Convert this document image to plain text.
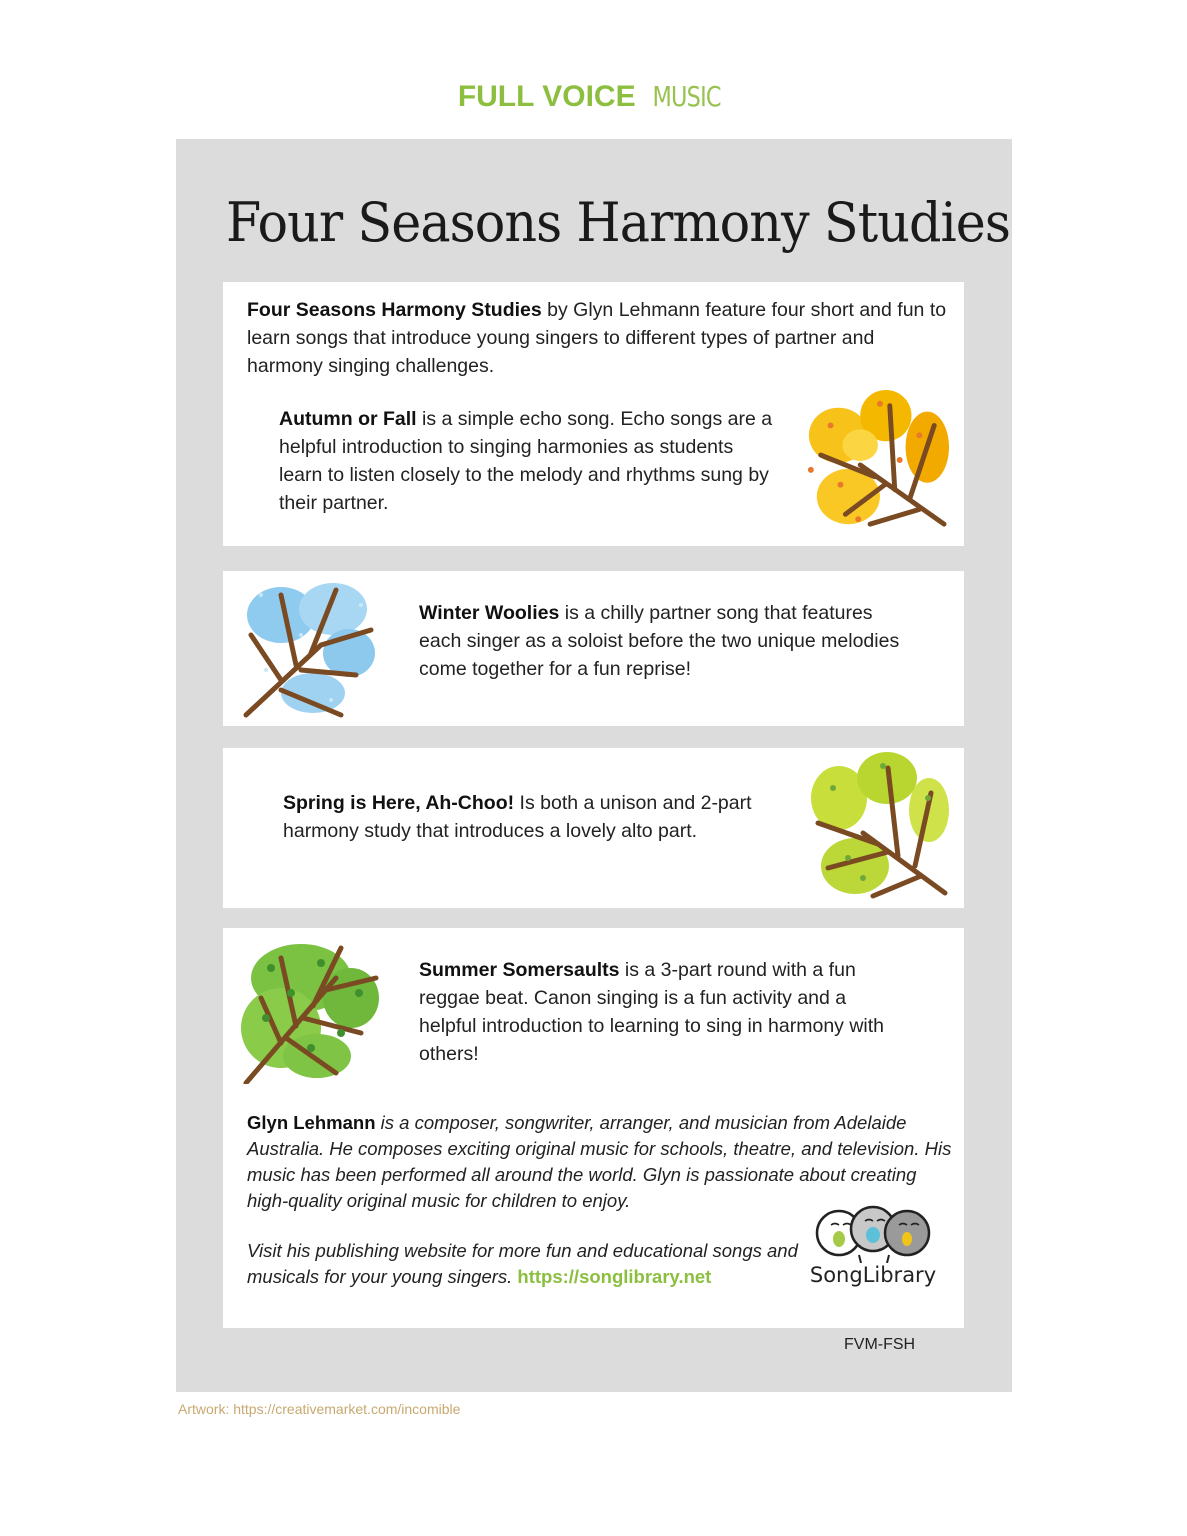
FULL VOICE MUSIC
Four Seasons Harmony Studies
Four Seasons Harmony Studies by Glyn Lehmann feature four short and fun to learn songs that introduce young singers to different types of partner and harmony singing challenges.
Autumn or Fall is a simple echo song. Echo songs are a helpful introduction to singing harmonies as students learn to listen closely to the melody and rhythms sung by their partner.
Winter Woolies is a chilly partner song that features each singer as a soloist before the two unique melodies come together for a fun reprise!
Spring is Here, Ah-Choo! Is both a unison and 2-part harmony study that introduces a lovely alto part.
Summer Somersaults is a 3-part round with a fun reggae beat. Canon singing is a fun activity and a helpful introduction to learning to sing in harmony with others!
Glyn Lehmann is a composer, songwriter, arranger, and musician from Adelaide Australia. He composes exciting original music for schools, theatre, and television. His music has been performed all around the world. Glyn is passionate about creating high-quality original music for children to enjoy.
Visit his publishing website for more fun and educational songs and musicals for your young singers. https://songlibrary.net	SongLibrary
FVM-FSH
Artwork: https://creativemarket.com/incomible
